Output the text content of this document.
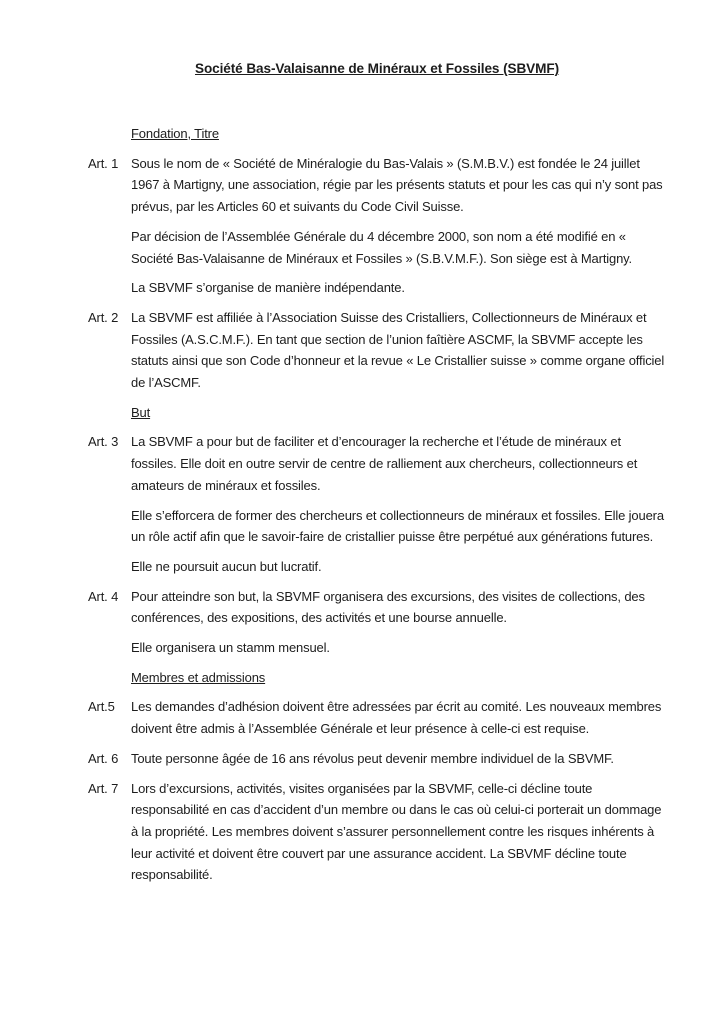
Société Bas-Valaisanne de Minéraux et Fossiles (SBVMF)

Fondation, Titre

Art. 1 Sous le nom de « Société de Minéralogie du Bas-Valais » (S.M.B.V.) est fondée le 24 juillet 1967 à Martigny, une association, régie par les présents statuts et pour les cas qui n’y sont pas prévus, par les Articles 60 et suivants du Code Civil Suisse.

Par décision de l’Assemblée Générale du 4 décembre 2000, son nom a été modifié en « Société Bas-Valaisanne de Minéraux et Fossiles » (S.B.V.M.F.). Son siège est à Martigny.

La SBVMF s’organise de manière indépendante.

Art. 2 La SBVMF est affiliée à l’Association Suisse des Cristalliers, Collectionneurs de Minéraux et Fossiles (A.S.C.M.F.). En tant que section de l’union faîtière ASCMF, la SBVMF accepte les statuts ainsi que son Code d’honneur et la revue « Le Cristallier suisse » comme organe officiel de l’ASCMF.

But

Art. 3 La SBVMF a pour but de faciliter et d’encourager la recherche et l’étude de minéraux et fossiles. Elle doit en outre servir de centre de ralliement aux chercheurs, collectionneurs et amateurs de minéraux et fossiles.

Elle s’efforcera de former des chercheurs et collectionneurs de minéraux et fossiles. Elle jouera un rôle actif afin que le savoir-faire de cristallier puisse être perpétué aux générations futures.

Elle ne poursuit aucun but lucratif.

Art. 4 Pour atteindre son but, la SBVMF organisera des excursions, des visites de collections, des conférences, des expositions, des activités et une bourse annuelle.

Elle organisera un stamm mensuel.

Membres et admissions

Art.5	Les demandes d’adhésion doivent être adressées par écrit au comité. Les nouveaux membres doivent être admis à l’Assemblée Générale et leur présence à celle-ci est requise.

Art. 6 Toute personne âgée de 16 ans révolus peut devenir membre individuel de la SBVMF.

Art. 7 Lors d’excursions, activités, visites organisées par la SBVMF, celle-ci décline toute responsabilité en cas d’accident d’un membre ou dans le cas où celui-ci porterait un dommage à la propriété. Les membres doivent s’assurer personnellement contre les risques inhérents à leur activité et doivent être couvert par une assurance accident. La SBVMF décline toute responsabilité.
